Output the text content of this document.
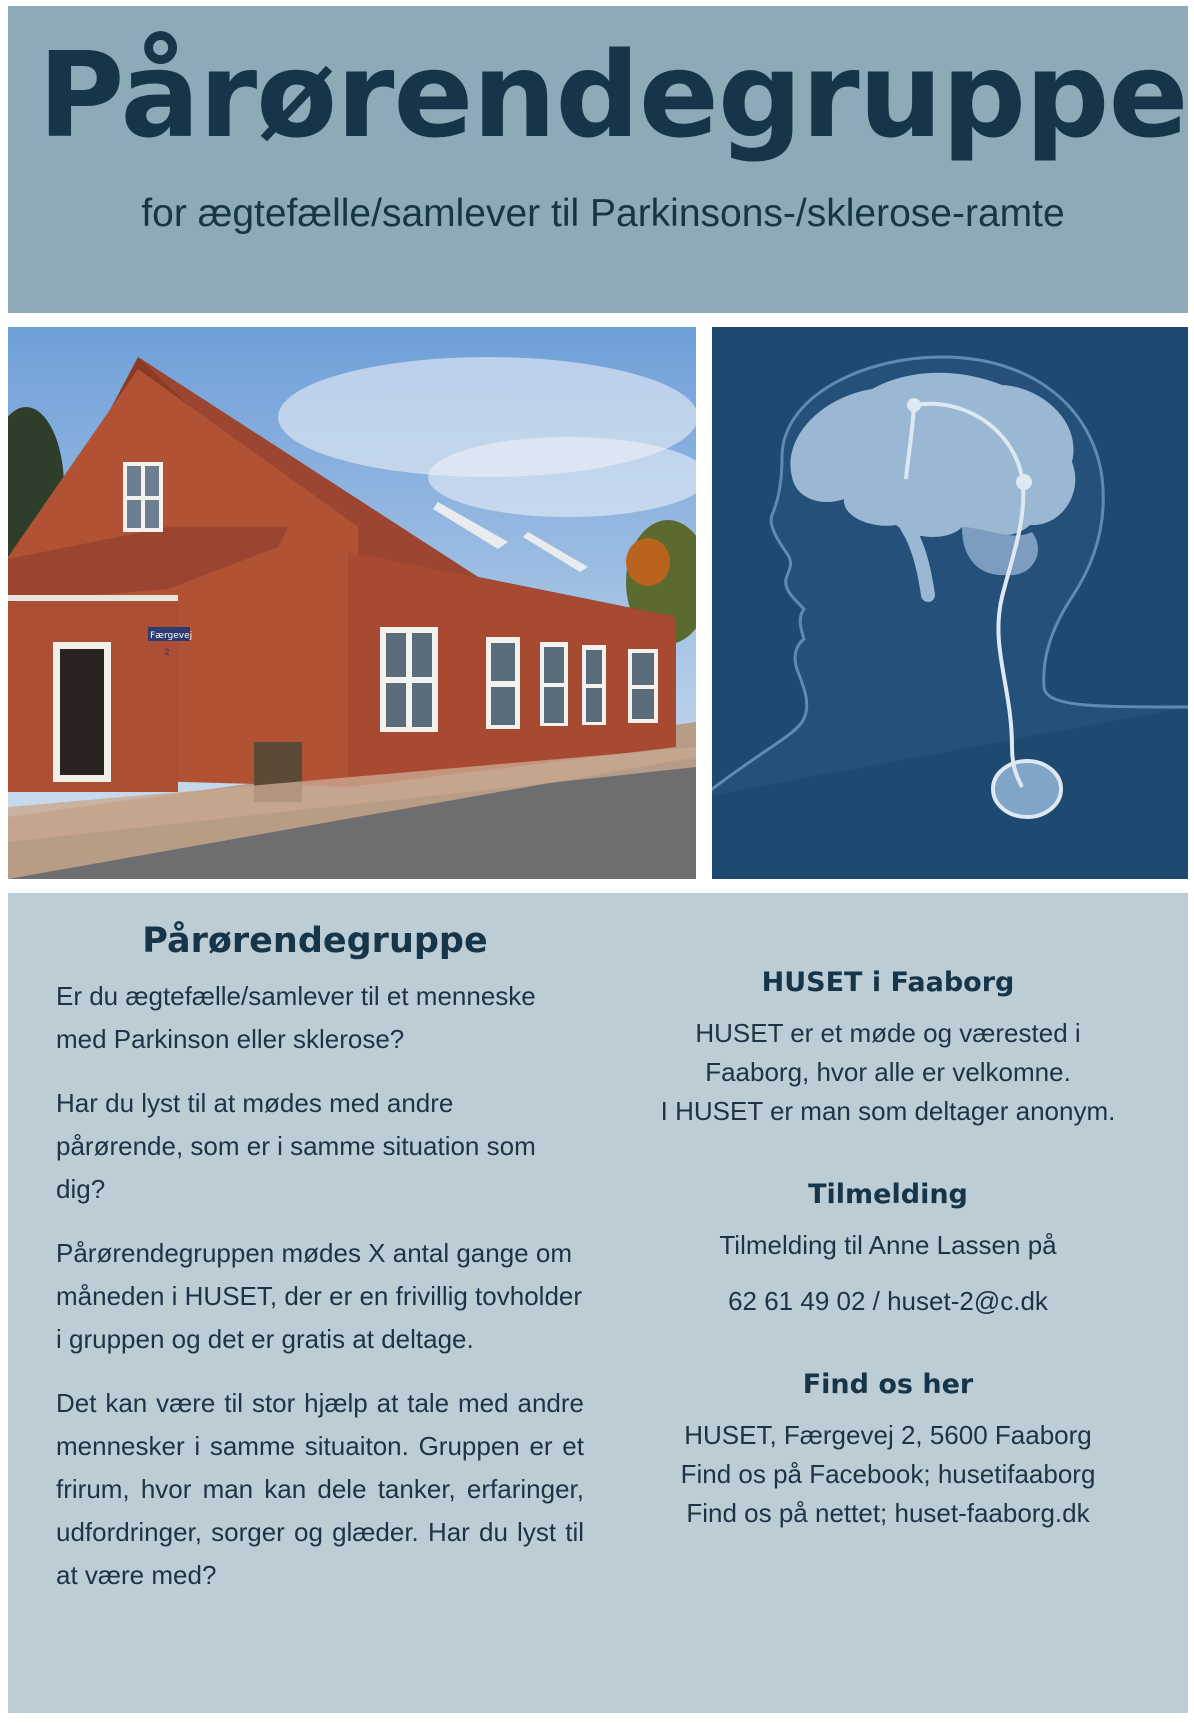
Pårørendegruppe
for ægtefælle/samlever til Parkinsons-/sklerose-ramte
Færgevej
2
Pårørendegruppe

Er du ægtefælle/samlever til et menneske med Parkinson eller sklerose?

Har du lyst til at mødes med andre pårørende, som er i samme situation som dig?

Pårørendegruppen mødes X antal gange om måneden i HUSET, der er en frivillig tovholder i gruppen og det er gratis at deltage.

Det kan være til stor hjælp at tale med andre mennesker i samme situaiton. Gruppen er et frirum, hvor man kan dele tanker, erfaringer, udfordringer, sorger og glæder. Har du lyst til at være med?

HUSET i Faaborg

HUSET er et møde og værested i

Faaborg, hvor alle er velkomne.

I HUSET er man som deltager anonym.

Tilmelding

Tilmelding til Anne Lassen på

62 61 49 02 / huset-2@c.dk

Find os her

HUSET, Færgevej 2, 5600 Faaborg

Find os på Facebook; husetifaaborg

Find os på nettet; huset-faaborg.dk
